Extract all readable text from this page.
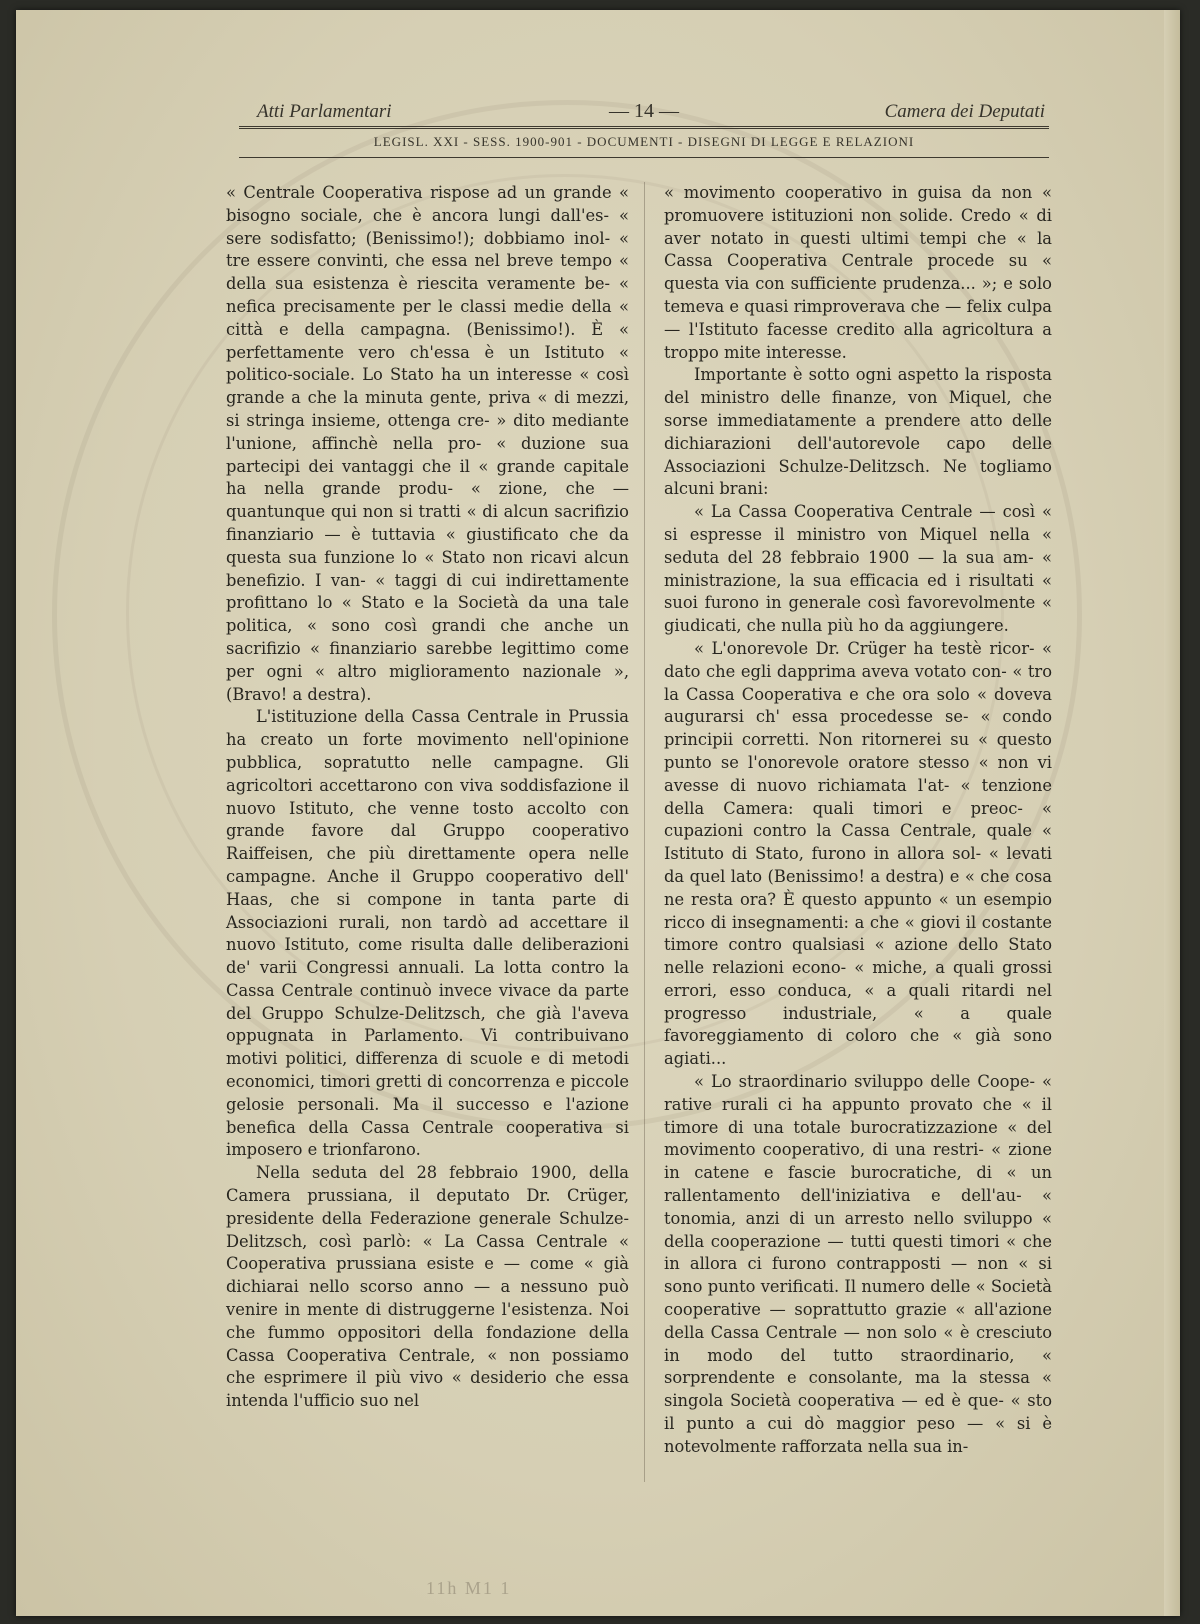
Atti Parlamentari	— 14 —	Camera dei Deputati
LEGISL. XXI - SESS. 1900-901 - DOCUMENTI - DISEGNI DI LEGGE E RELAZIONI

« Centrale Cooperativa rispose ad un grande « bisogno sociale, che è ancora lungi dall'es- « sere sodisfatto; (Benissimo!); dobbiamo inol- « tre essere convinti, che essa nel breve tempo « della sua esistenza è riescita veramente be- « nefica precisamente per le classi medie della « città e della campagna. (Benissimo!). È « perfettamente vero ch'essa è un Istituto « politico-sociale. Lo Stato ha un interesse « così grande a che la minuta gente, priva « di mezzi, si stringa insieme, ottenga cre- » dito mediante l'unione, affinchè nella pro- « duzione sua partecipi dei vantaggi che il « grande capitale ha nella grande produ- « zione, che — quantunque qui non si tratti « di alcun sacrifizio finanziario — è tuttavia « giustificato che da questa sua funzione lo « Stato non ricavi alcun benefizio. I van- « taggi di cui indirettamente profittano lo « Stato e la Società da una tale politica, « sono così grandi che anche un sacrifizio « finanziario sarebbe legittimo come per ogni « altro miglioramento nazionale », (Bravo! a destra).

L'istituzione della Cassa Centrale in Prussia ha creato un forte movimento nell'opinione pubblica, sopratutto nelle campagne. Gli agricoltori accettarono con viva soddisfazione il nuovo Istituto, che venne tosto accolto con grande favore dal Gruppo cooperativo Raiffeisen, che più direttamente opera nelle campagne. Anche il Gruppo cooperativo dell' Haas, che si compone in tanta parte di Associazioni rurali, non tardò ad accettare il nuovo Istituto, come risulta dalle deliberazioni de' varii Congressi annuali. La lotta contro la Cassa Centrale continuò invece vivace da parte del Gruppo Schulze-Delitzsch, che già l'aveva oppugnata in Parlamento. Vi contribuivano motivi politici, differenza di scuole e di metodi economici, timori gretti di concorrenza e piccole gelosie personali. Ma il successo e l'azione benefica della Cassa Centrale cooperativa si imposero e trionfarono.

Nella seduta del 28 febbraio 1900, della Camera prussiana, il deputato Dr. Crüger, presidente della Federazione generale Schulze-Delitzsch, così parlò: « La Cassa Centrale « Cooperativa prussiana esiste e — come « già dichiarai nello scorso anno — a nessuno può venire in mente di distruggerne l'esistenza. Noi che fummo oppositori della fondazione della Cassa Cooperativa Centrale, « non possiamo che esprimere il più vivo « desiderio che essa intenda l'ufficio suo nel

« movimento cooperativo in guisa da non « promuovere istituzioni non solide. Credo « di aver notato in questi ultimi tempi che « la Cassa Cooperativa Centrale procede su « questa via con sufficiente prudenza... »; e solo temeva e quasi rimproverava che — felix culpa — l'Istituto facesse credito alla agricoltura a troppo mite interesse.

Importante è sotto ogni aspetto la risposta del ministro delle finanze, von Miquel, che sorse immediatamente a prendere atto delle dichiarazioni dell'autorevole capo delle Associazioni Schulze-Delitzsch. Ne togliamo alcuni brani:

« La Cassa Cooperativa Centrale — così « si espresse il ministro von Miquel nella « seduta del 28 febbraio 1900 — la sua am- « ministrazione, la sua efficacia ed i risultati « suoi furono in generale così favorevolmente « giudicati, che nulla più ho da aggiungere.

« L'onorevole Dr. Crüger ha testè ricor- « dato che egli dapprima aveva votato con- « tro la Cassa Cooperativa e che ora solo « doveva augurarsi ch' essa procedesse se- « condo principii corretti. Non ritornerei su « questo punto se l'onorevole oratore stesso « non vi avesse di nuovo richiamata l'at- « tenzione della Camera: quali timori e preoc- « cupazioni contro la Cassa Centrale, quale « Istituto di Stato, furono in allora sol- « levati da quel lato (Benissimo! a destra) e « che cosa ne resta ora? È questo appunto « un esempio ricco di insegnamenti: a che « giovi il costante timore contro qualsiasi « azione dello Stato nelle relazioni econo- « miche, a quali grossi errori, esso conduca, « a quali ritardi nel progresso industriale, « a quale favoreggiamento di coloro che « già sono agiati...

« Lo straordinario sviluppo delle Coope- « rative rurali ci ha appunto provato che « il timore di una totale burocratizzazione « del movimento cooperativo, di una restri- « zione in catene e fascie burocratiche, di « un rallentamento dell'iniziativa e dell'au- « tonomia, anzi di un arresto nello sviluppo « della cooperazione — tutti questi timori « che in allora ci furono contrapposti — non « si sono punto verificati. Il numero delle « Società cooperative — soprattutto grazie « all'azione della Cassa Centrale — non solo « è cresciuto in modo del tutto straordinario, « sorprendente e consolante, ma la stessa « singola Società cooperativa — ed è que- « sto il punto a cui dò maggior peso — « si è notevolmente rafforzata nella sua in-

11h M1 1
